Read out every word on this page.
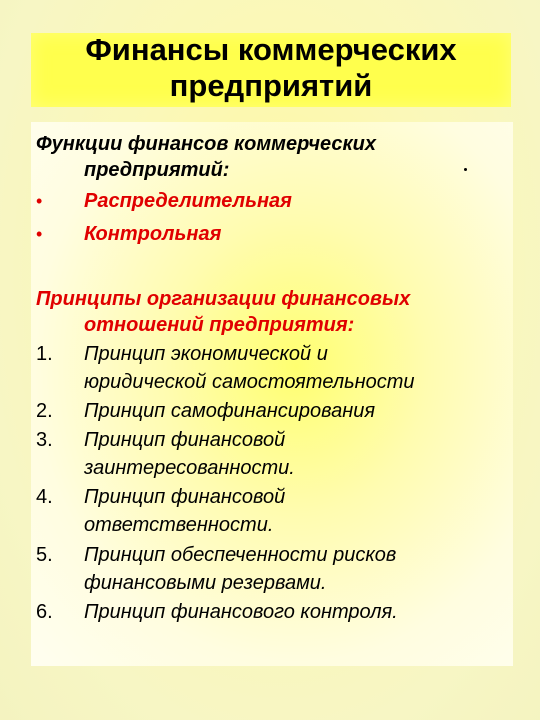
Финансы коммерческих
предприятий

Функции финансов коммерческих

предприятий:

• Распределительная

• Контрольная

Принципы организации финансовых

отношений предприятия:

1. Принцип экономической и

юридической самостоятельности

2. Принцип самофинансирования

3. Принцип финансовой

заинтересованности.

4. Принцип финансовой

ответственности.

5. Принцип обеспеченности рисков

финансовыми резервами.

6. Принцип финансового контроля.
